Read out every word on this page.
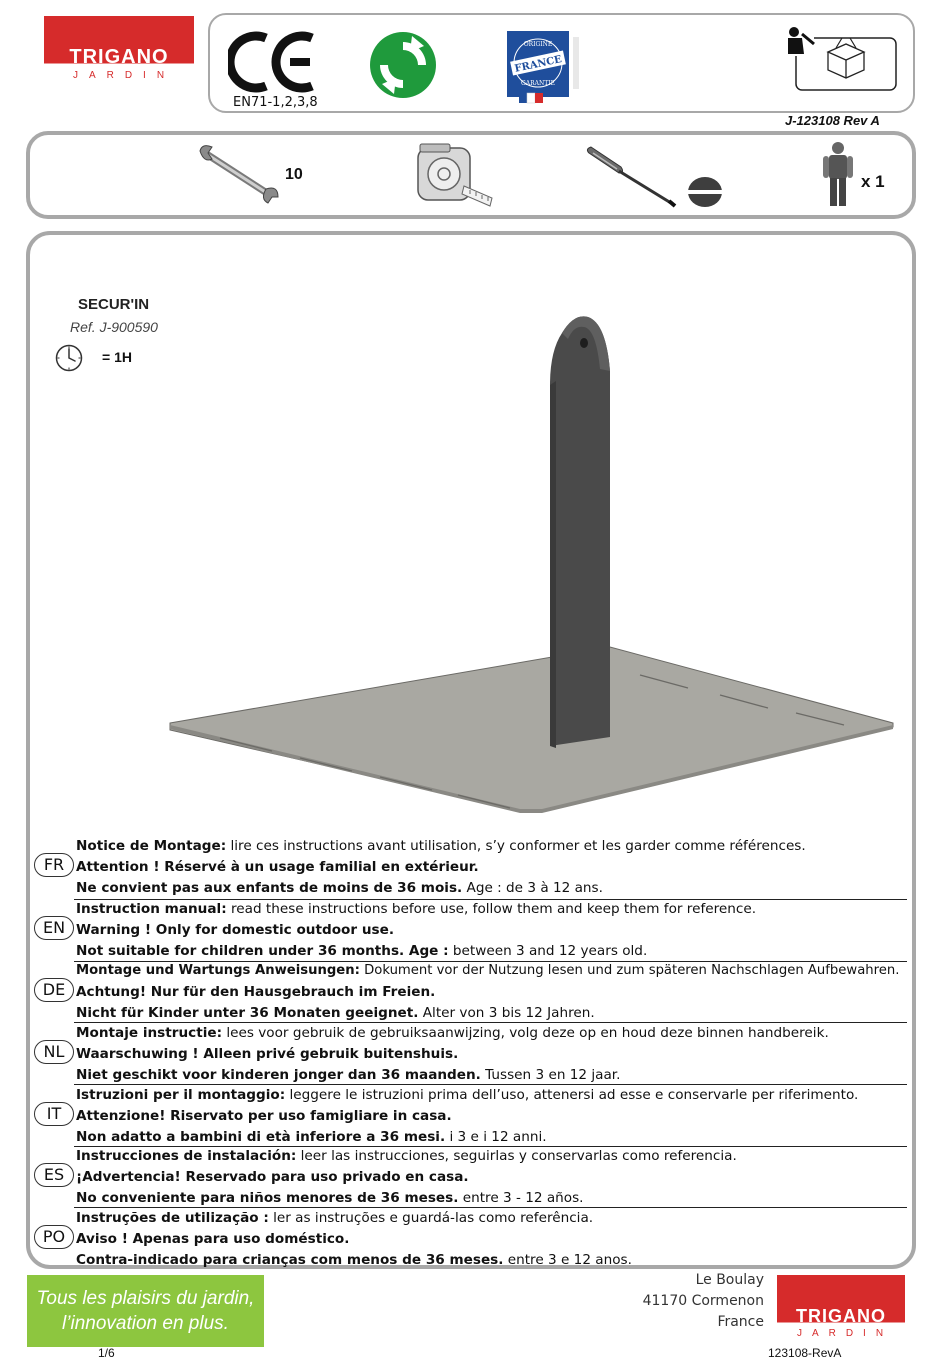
TRIGANO
JARDIN
EN71-1,2,3,8
ORIGINE
FRANCE
GARANTIE
J-123108 Rev A
10	x 1
SECUR'IN
Ref. J-900590
= 1H
FR
Notice de Montage: lire ces instructions avant utilisation, s’y conformer et les garder comme références.
Attention ! Réservé à un usage familial en extérieur.
Ne convient pas aux enfants de moins de 36 mois. Age : de 3 à 12 ans.
EN
Instruction manual: read these instructions before use, follow them and keep them for reference.
Warning ! Only for domestic outdoor use.
Not suitable for children under 36 months. Age : between 3 and 12 years old.
DE
Montage und Wartungs Anweisungen: Dokument vor der Nutzung lesen und zum späteren Nachschlagen Aufbewahren.
Achtung! Nur für den Hausgebrauch im Freien.
Nicht für Kinder unter 36 Monaten geeignet. Alter von 3 bis 12 Jahren.
NL
Montaje instructie: lees voor gebruik de gebruiksaanwijzing, volg deze op en houd deze binnen handbereik.
Waarschuwing ! Alleen privé gebruik buitenshuis.
Niet geschikt voor kinderen jonger dan 36 maanden. Tussen 3 en 12 jaar.
IT
Istruzioni per il montaggio: leggere le istruzioni prima dell’uso, attenersi ad esse e conservarle per riferimento.
Attenzione! Riservato per uso famigliare in casa.
Non adatto a bambini di età inferiore a 36 mesi. i 3 e i 12 anni.
ES
Instrucciones de instalación: leer las instrucciones, seguirlas y conservarlas como referencia.
¡Advertencia! Reservado para uso privado en casa.
No conveniente para niños menores de 36 meses. entre 3 - 12 años.
PO
Instruções de utilização : ler as instruções e guardá-las como referência.
Aviso ! Apenas para uso doméstico.
Contra-indicado para crianças com menos de 36 meses. entre 3 e 12 anos.
Tous les plaisirs du jardin,
l’innovation en plus.
Le Boulay
41170 Cormenon
France	TRIGANO
JARDIN
1/6	123108-RevA
